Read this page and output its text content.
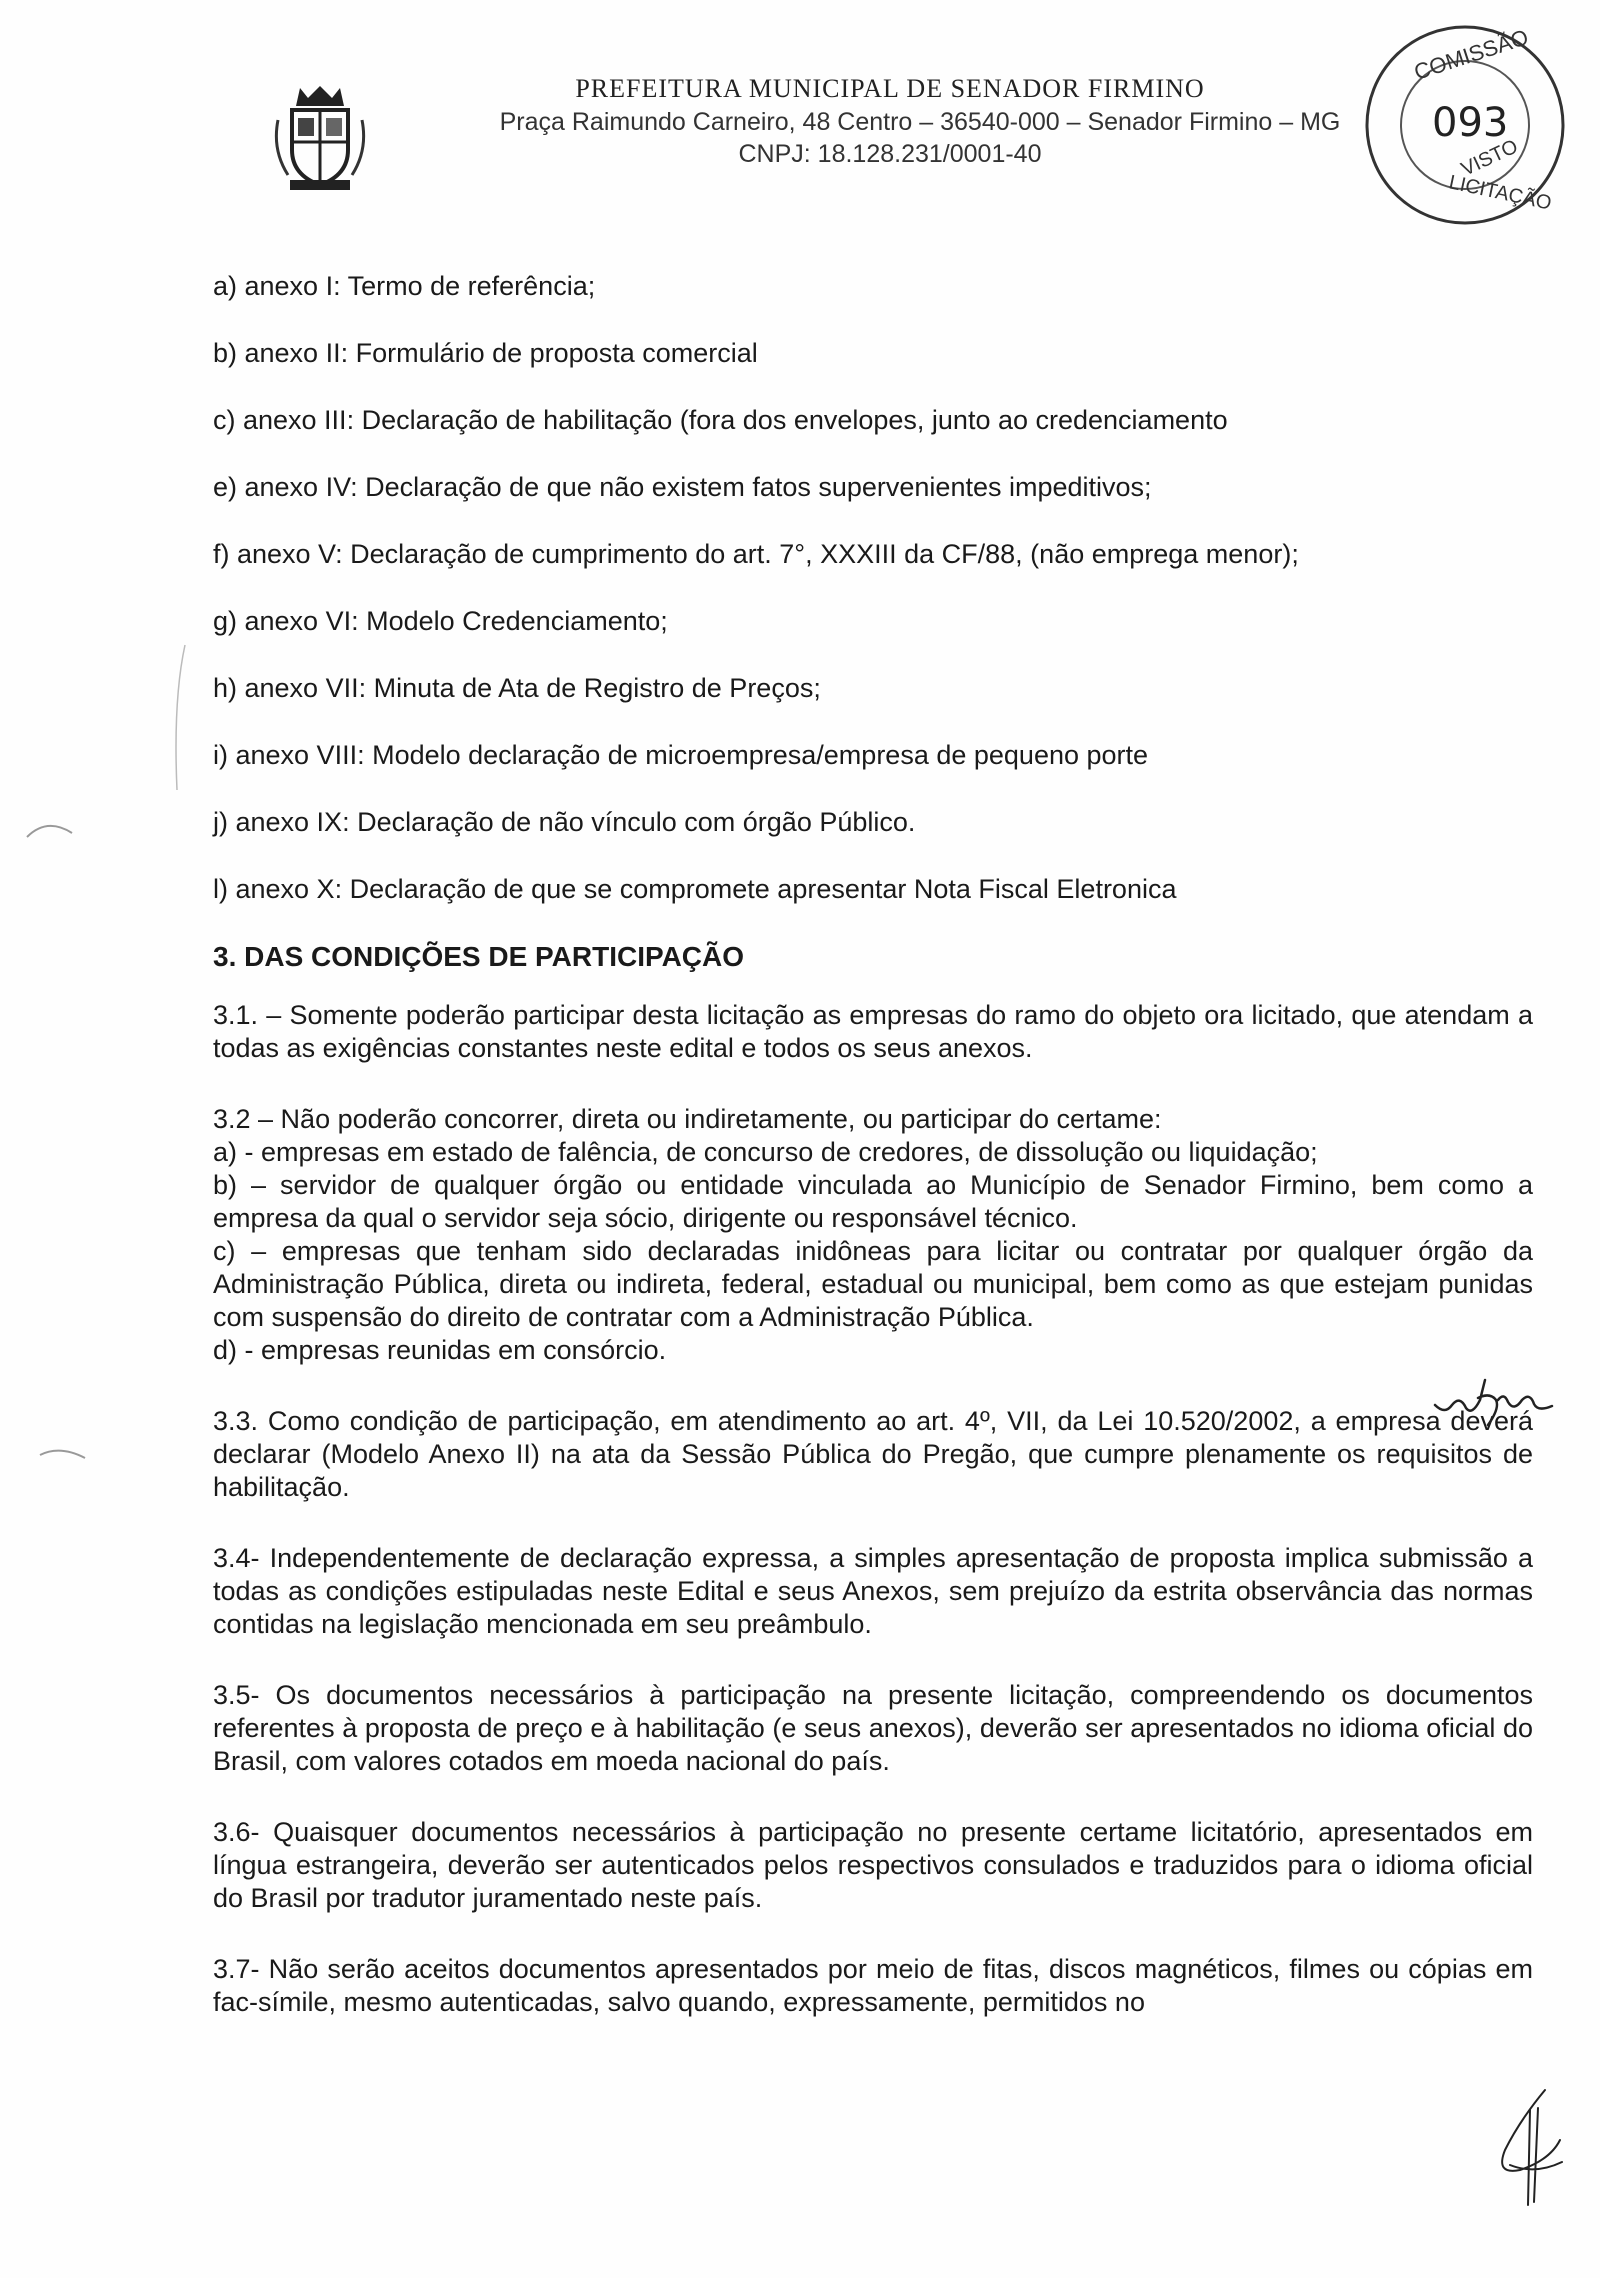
PREFEITURA MUNICIPAL DE SENADOR FIRMINO
Praça Raimundo Carneiro, 48 Centro – 36540-000 – Senador Firmino – MG
CNPJ: 18.128.231/0001-40
COMISSÃO
093
VISTO
LICITAÇÃO
a) anexo I: Termo de referência;
b) anexo II: Formulário de proposta comercial
c) anexo III: Declaração de habilitação (fora dos envelopes, junto ao credenciamento
e) anexo IV: Declaração de que não existem fatos supervenientes impeditivos;
f) anexo V: Declaração de cumprimento do art. 7°, XXXIII da CF/88, (não emprega menor);
g) anexo VI: Modelo Credenciamento;
h) anexo VII: Minuta de Ata de Registro de Preços;
i) anexo VIII: Modelo declaração de microempresa/empresa de pequeno porte
j) anexo IX: Declaração de não vínculo com órgão Público.
l) anexo X: Declaração de que se compromete apresentar Nota Fiscal Eletronica
3. DAS CONDIÇÕES DE PARTICIPAÇÃO
3.1. – Somente poderão participar desta licitação as empresas do ramo do objeto ora licitado, que atendam a todas as exigências constantes neste edital e todos os seus anexos.
3.2 – Não poderão concorrer, direta ou indiretamente, ou participar do certame:
a) - empresas em estado de falência, de concurso de credores, de dissolução ou liquidação;
b) – servidor de qualquer órgão ou entidade vinculada ao Município de Senador Firmino, bem como a empresa da qual o servidor seja sócio, dirigente ou responsável técnico.
c) – empresas que tenham sido declaradas inidôneas para licitar ou contratar por qualquer órgão da Administração Pública, direta ou indireta, federal, estadual ou municipal, bem como as que estejam punidas com suspensão do direito de contratar com a Administração Pública.
d) - empresas reunidas em consórcio.
3.3. Como condição de participação, em atendimento ao art. 4º, VII, da Lei 10.520/2002, a empresa deverá declarar (Modelo Anexo II) na ata da Sessão Pública do Pregão, que cumpre plenamente os requisitos de habilitação.
3.4- Independentemente de declaração expressa, a simples apresentação de proposta implica submissão a todas as condições estipuladas neste Edital e seus Anexos, sem prejuízo da estrita observância das normas contidas na legislação mencionada em seu preâmbulo.
3.5- Os documentos necessários à participação na presente licitação, compreendendo os documentos referentes à proposta de preço e à habilitação (e seus anexos), deverão ser apresentados no idioma oficial do Brasil, com valores cotados em moeda nacional do país.
3.6- Quaisquer documentos necessários à participação no presente certame licitatório, apresentados em língua estrangeira, deverão ser autenticados pelos respectivos consulados e traduzidos para o idioma oficial do Brasil por tradutor juramentado neste país.
3.7- Não serão aceitos documentos apresentados por meio de fitas, discos magnéticos, filmes ou cópias em fac-símile, mesmo autenticadas, salvo quando, expressamente, permitidos no
